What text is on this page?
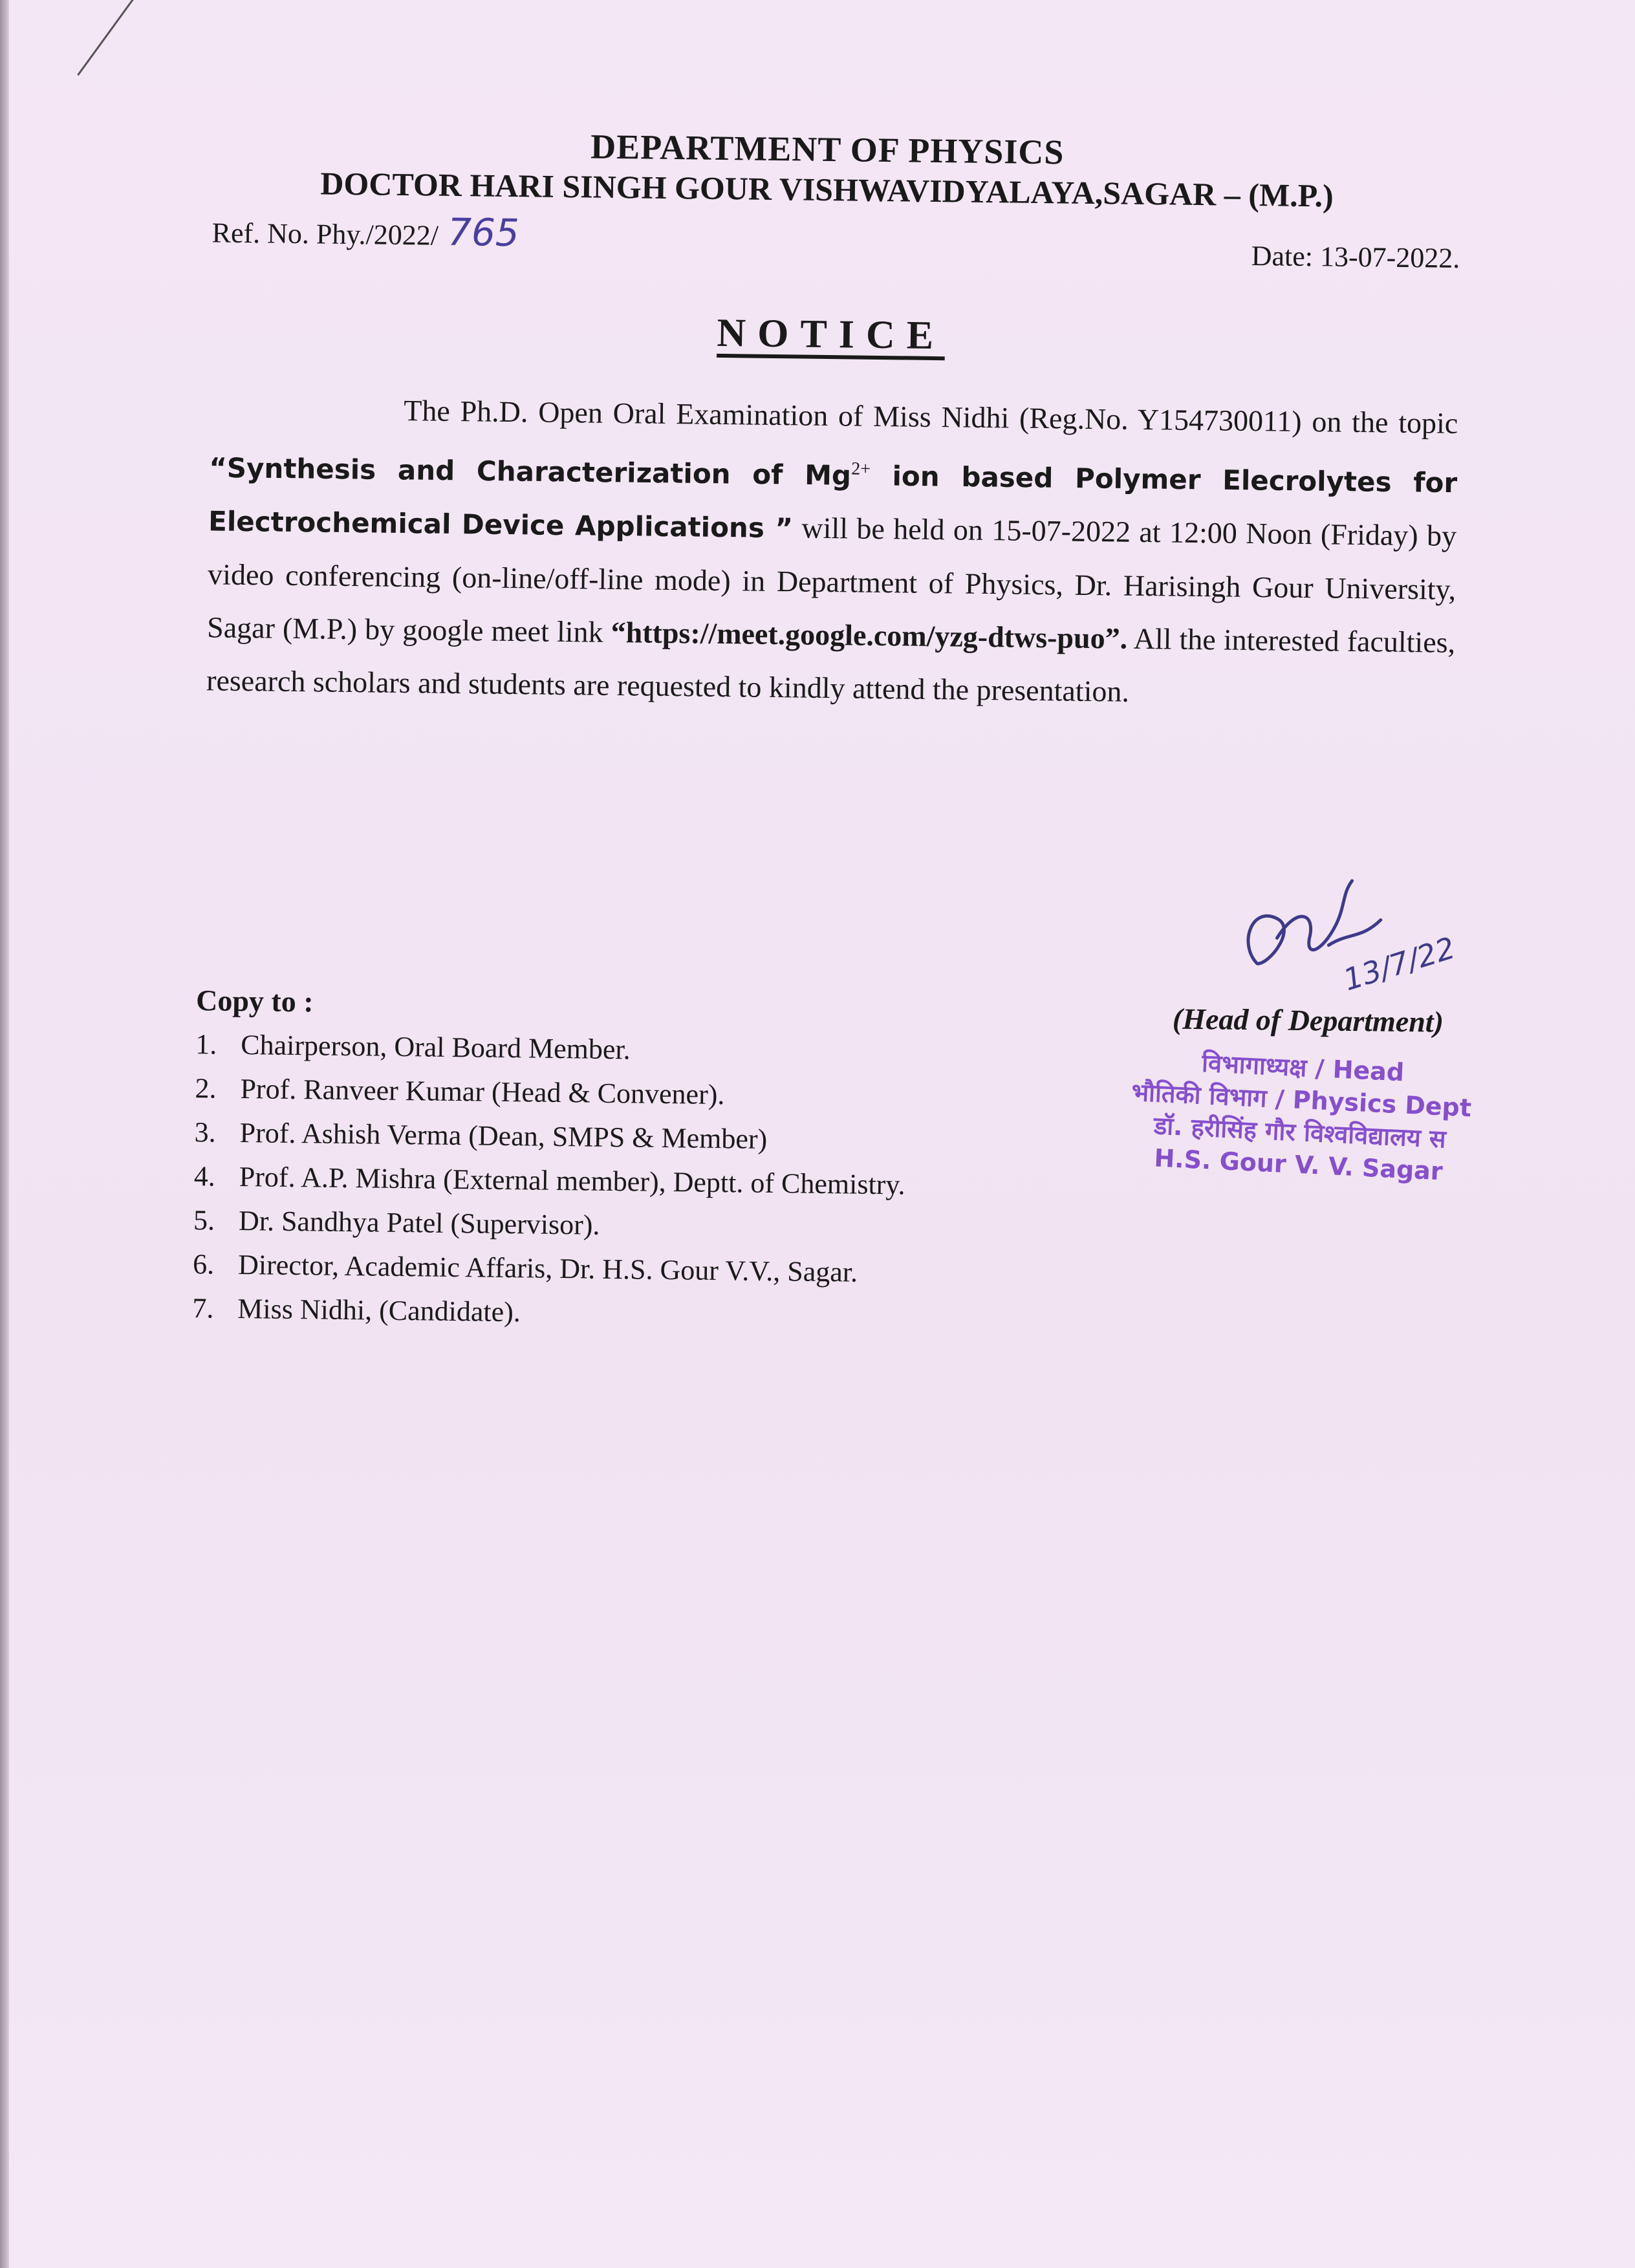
DEPARTMENT OF PHYSICS
DOCTOR HARI SINGH GOUR VISHWAVIDYALAYA,SAGAR – (M.P.)
Ref. No. Phy./2022/ 765
Date: 13-07-2022.
NOTICE
The Ph.D. Open Oral Examination of Miss Nidhi (Reg.No. Y154730011) on the topic “Synthesis and Characterization of $Mg^{2+}$ ion based Polymer Elecrolytes for Electrochemical Device Applications ” will be held on 15-07-2022 at 12:00 Noon (Friday) by video conferencing (on-line/off-line mode) in Department of Physics, Dr. Harisingh Gour University, Sagar (M.P.) by google meet link “https://meet.google.com/yzg-dtws-puo”. All the interested faculties, research scholars and students are requested to kindly attend the presentation.
13/7/22
(Head of Department)
विभागाध्यक्ष / Head
भौतिकी विभाग / Physics Dept
डॉ. हरीसिंह गौर विश्वविद्यालय स
H.S. Gour V. V. Sagar
Copy to :
1. Chairperson, Oral Board Member.
2. Prof. Ranveer Kumar (Head & Convener).
3. Prof. Ashish Verma (Dean, SMPS & Member)
4. Prof. A.P. Mishra (External member), Deptt. of Chemistry.
5. Dr. Sandhya Patel (Supervisor).
6. Director, Academic Affaris, Dr. H.S. Gour V.V., Sagar.
7. Miss Nidhi, (Candidate).
